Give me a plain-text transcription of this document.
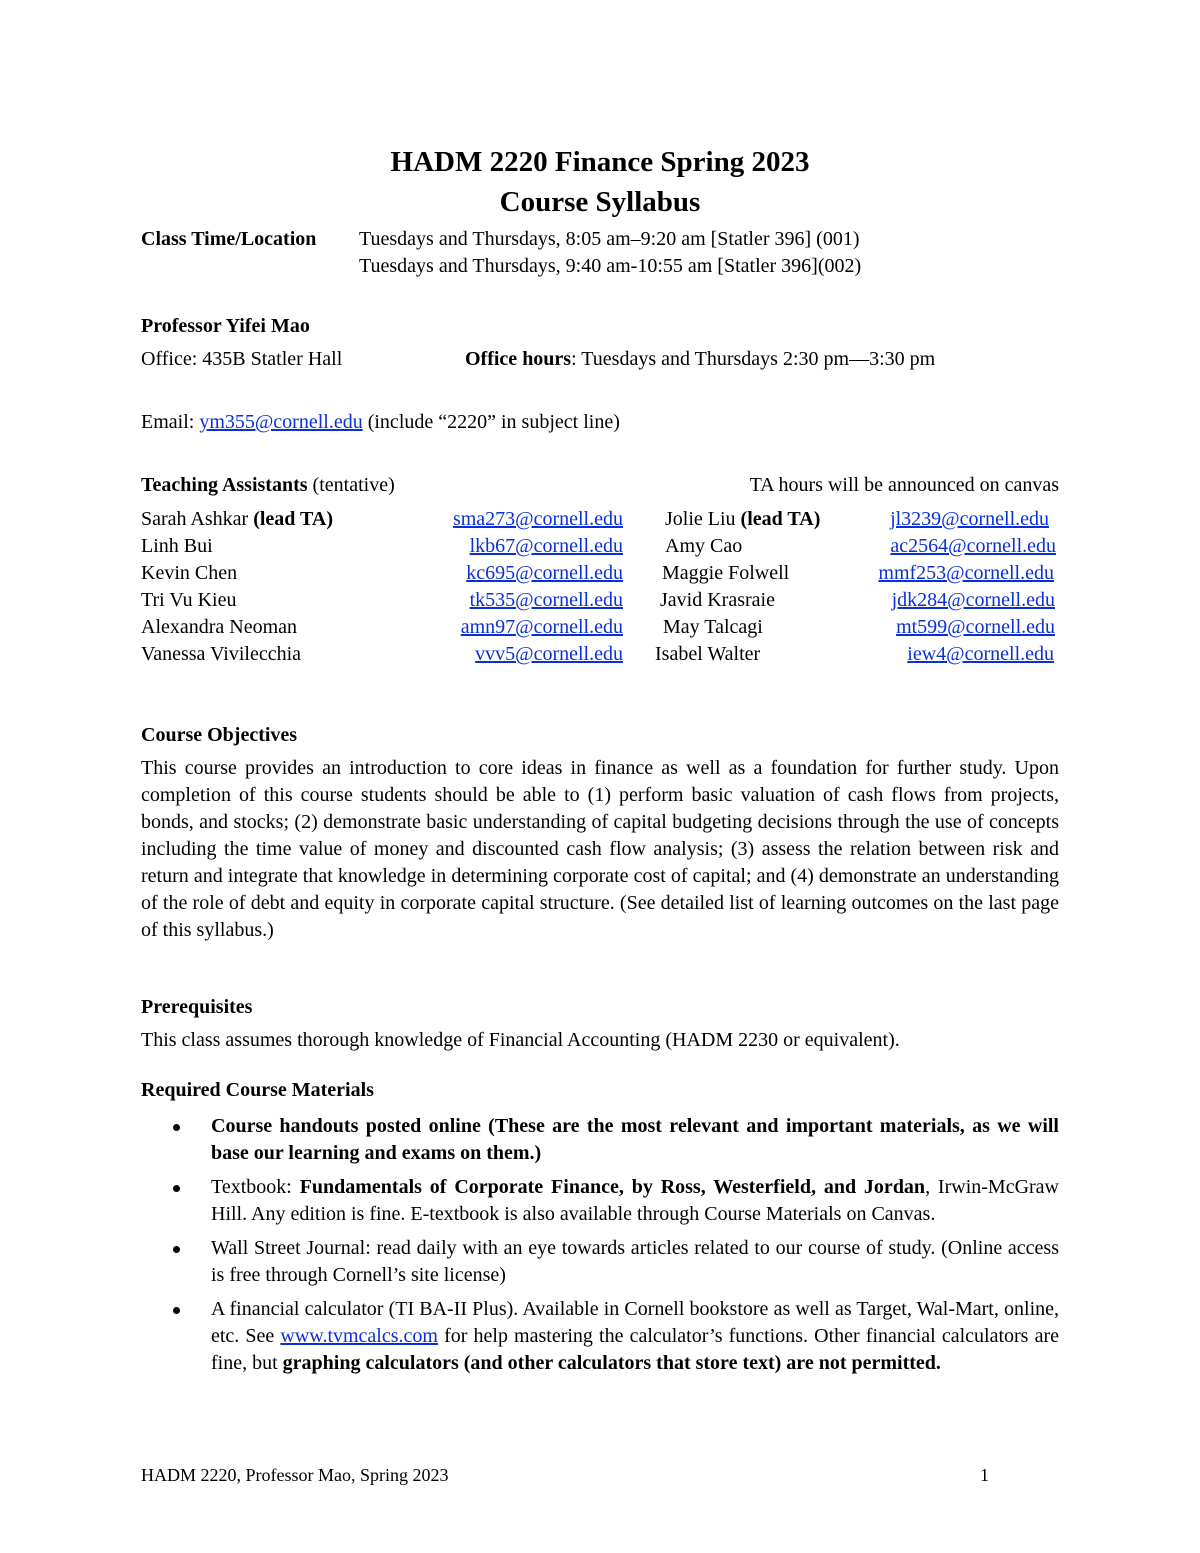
HADM 2220 Finance Spring 2023
Course Syllabus
Class Time/Location Tuesdays and Thursdays, 8:05 am–9:20 am [Statler 396] (001)
Tuesdays and Thursdays, 9:40 am-10:55 am [Statler 396](002)
Professor Yifei Mao
Office: 435B Statler Hall	Office hours: Tuesdays and Thursdays 2:30 pm—3:30 pm
Email: ym355@cornell.edu (include “2220” in subject line)
Teaching Assistants (tentative)	TA hours will be announced on canvas
Sarah Ashkar (lead TA)	sma273@cornell.edu Jolie Liu (lead TA)	jl3239@cornell.edu
Linh Bui	lkb67@cornell.edu Amy Cao	ac2564@cornell.edu
Kevin Chen	kc695@cornell.edu Maggie Folwell	mmf253@cornell.edu
Tri Vu Kieu	tk535@cornell.edu Javid Krasraie	jdk284@cornell.edu
Alexandra Neoman	amn97@cornell.edu May Talcagi	mt599@cornell.edu
Vanessa Vivilecchia	vvv5@cornell.edu Isabel Walter	iew4@cornell.edu
Course Objectives
This course provides an introduction to core ideas in finance as well as a foundation for further study. Upon completion of this course students should be able to (1) perform basic valuation of cash flows from projects, bonds, and stocks; (2) demonstrate basic understanding of capital budgeting decisions through the use of concepts including the time value of money and discounted cash flow analysis; (3) assess the relation between risk and return and integrate that knowledge in determining corporate cost of capital; and (4) demonstrate an understanding of the role of debt and equity in corporate capital structure. (See detailed list of learning outcomes on the last page of this syllabus.)
Prerequisites
This class assumes thorough knowledge of Financial Accounting (HADM 2230 or equivalent).
Required Course Materials
Course handouts posted online (These are the most relevant and important materials, as we will base our learning and exams on them.)
Textbook: Fundamentals of Corporate Finance, by Ross, Westerfield, and Jordan, Irwin-McGraw Hill. Any edition is fine. E-textbook is also available through Course Materials on Canvas.
Wall Street Journal: read daily with an eye towards articles related to our course of study. (Online access is free through Cornell’s site license)
A financial calculator (TI BA-II Plus). Available in Cornell bookstore as well as Target, Wal-Mart, online, etc. See www.tvmcalcs.com for help mastering the calculator’s functions. Other financial calculators are fine, but graphing calculators (and other calculators that store text) are not permitted.
HADM 2220, Professor Mao, Spring 2023	1
